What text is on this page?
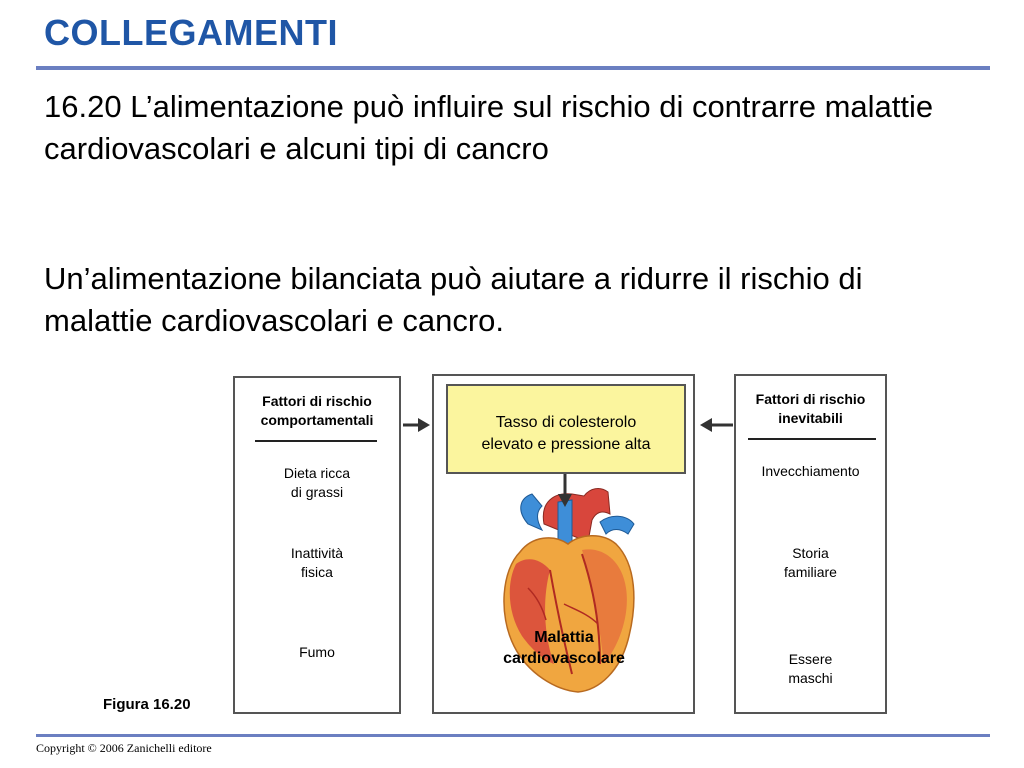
COLLEGAMENTI
16.20 L’alimentazione può influire sul rischio di contrarre malattie cardiovascolari e alcuni tipi di cancro
Un’alimentazione bilanciata può aiutare a ridurre il rischio di malattie cardiovascolari e cancro.
Fattori di rischio
comportamentali
Dieta ricca
di grassi
Inattività
fisica
Fumo
Tasso di colesterolo
elevato e pressione alta
Malattia
cardiovascolare
Fattori di rischio
inevitabili
Invecchiamento
Storia
familiare
Essere
maschi
Figura 16.20
Copyright © 2006 Zanichelli editore
